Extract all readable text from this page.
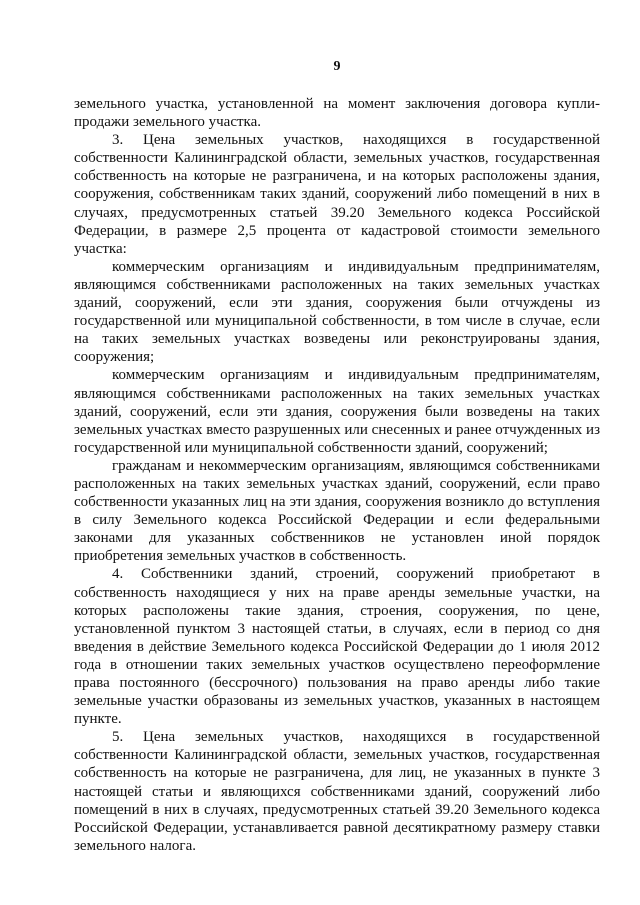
9

земельного участка, установленной на момент заключения договора купли-продажи земельного участка.

3. Цена земельных участков, находящихся в государственной собственности Калининградской области, земельных участков, государственная собственность на которые не разграничена, и на которых расположены здания, сооружения, собственникам таких зданий, сооружений либо помещений в них в случаях, предусмотренных статьей 39.20 Земельного кодекса Российской Федерации, в размере 2,5 процента от кадастровой стоимости земельного участка:

коммерческим организациям и индивидуальным предпринимателям, являющимся собственниками расположенных на таких земельных участках зданий, сооружений, если эти здания, сооружения были отчуждены из государственной или муниципальной собственности, в том числе в случае, если на таких земельных участках возведены или реконструированы здания, сооружения;

коммерческим организациям и индивидуальным предпринимателям, являющимся собственниками расположенных на таких земельных участках зданий, сооружений, если эти здания, сооружения были возведены на таких земельных участках вместо разрушенных или снесенных и ранее отчужденных из государственной или муниципальной собственности зданий, сооружений;

гражданам и некоммерческим организациям, являющимся собственниками расположенных на таких земельных участках зданий, сооружений, если право собственности указанных лиц на эти здания, сооружения возникло до вступления в силу Земельного кодекса Российской Федерации и если федеральными законами для указанных собственников не установлен иной порядок приобретения земельных участков в собственность.

4. Собственники зданий, строений, сооружений приобретают в собственность находящиеся у них на праве аренды земельные участки, на которых расположены такие здания, строения, сооружения, по цене, установленной пунктом 3 настоящей статьи, в случаях, если в период со дня введения в действие Земельного кодекса Российской Федерации до 1 июля 2012 года в отношении таких земельных участков осуществлено переоформление права постоянного (бессрочного) пользования на право аренды либо такие земельные участки образованы из земельных участков, указанных в настоящем пункте.

5. Цена земельных участков, находящихся в государственной собственности Калининградской области, земельных участков, государственная собственность на которые не разграничена, для лиц, не указанных в пункте 3 настоящей статьи и являющихся собственниками зданий, сооружений либо помещений в них в случаях, предусмотренных статьей 39.20 Земельного кодекса Российской Федерации, устанавливается равной десятикратному размеру ставки земельного налога.
